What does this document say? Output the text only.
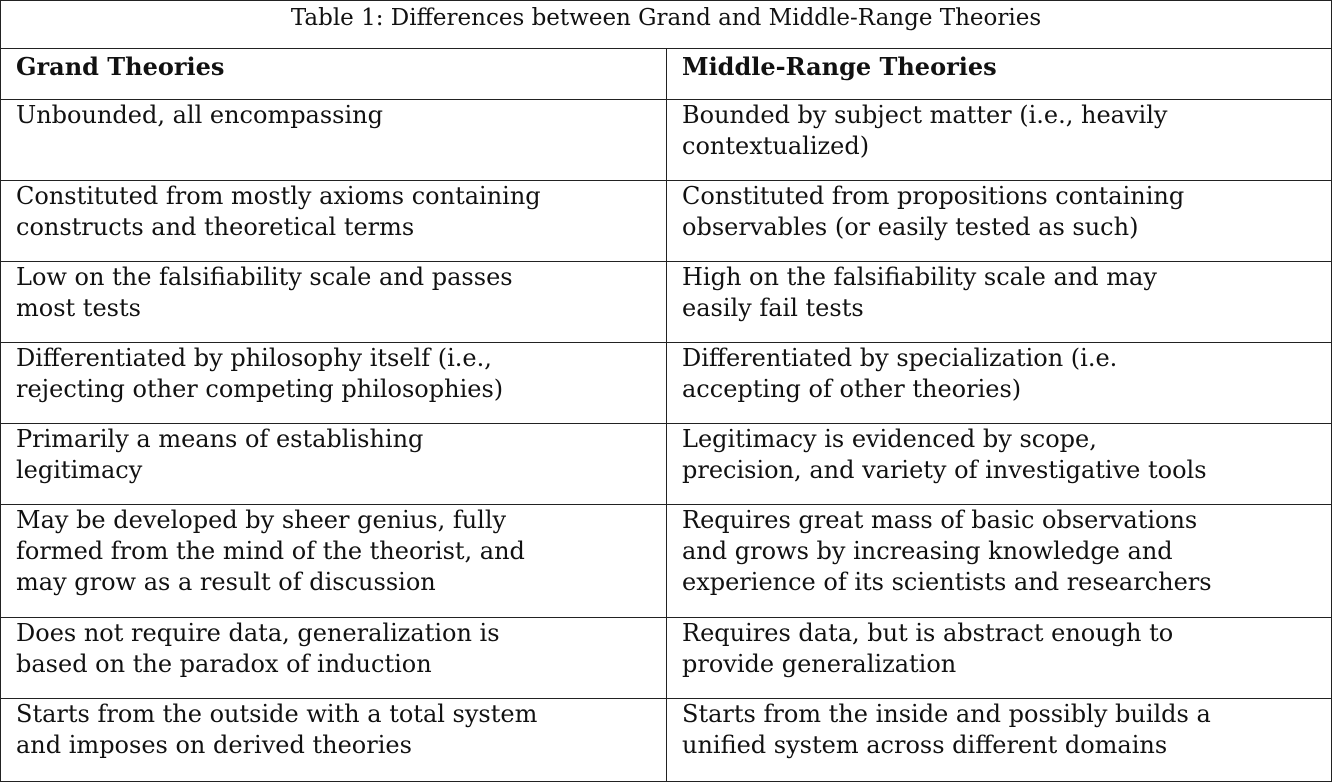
Table 1: Differences between Grand and Middle-Range Theories
Grand Theories	Middle-Range Theories
Unbounded, all encompassing	Bounded by subject matter (i.e., heavily
contextualized)
Constituted from mostly axioms containing
constructs and theoretical terms
Constituted from propositions containing
observables (or easily tested as such)
Low on the falsifiability scale and passes
most tests
High on the falsifiability scale and may
easily fail tests
Differentiated by philosophy itself (i.e.,
rejecting other competing philosophies)
Differentiated by specialization (i.e.
accepting of other theories)
Primarily a means of establishing
legitimacy
Legitimacy is evidenced by scope,
precision, and variety of investigative tools
May be developed by sheer genius, fully
formed from the mind of the theorist, and
may grow as a result of discussion
Requires great mass of basic observations
and grows by increasing knowledge and
experience of its scientists and researchers
Does not require data, generalization is
based on the paradox of induction
Requires data, but is abstract enough to
provide generalization
Starts from the outside with a total system
and imposes on derived theories
Starts from the inside and possibly builds a
unified system across different domains
